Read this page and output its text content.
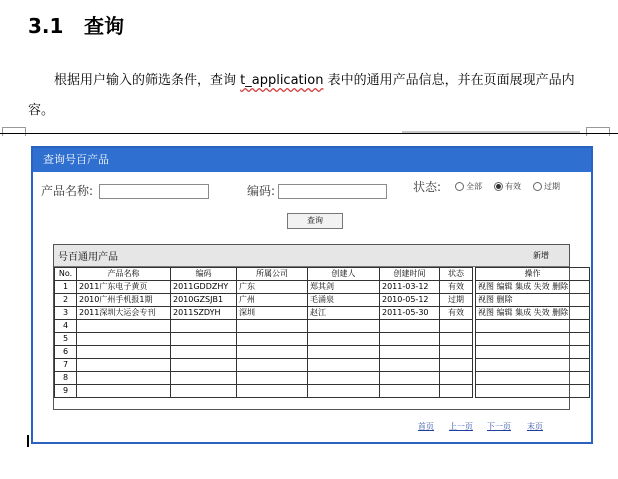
3.1 查询
根据用户输入的筛选条件，查询 t_application 表中的通用产品信息，并在页面展现产品内容。
查询号百产品
产品名称:	编码:	状态:	全部	有效	过期
查询
号百通用产品	新增
No.	产品名称	编码	所属公司	创建人	创建时间	状态		操作
1	2011广东电子黄页	2011GDDZHY	广东	郑其剑	2011-03-12	有效		视图 编辑 集成 失效 删除
2	2010广州手机报1期	2010GZSJB1	广州	毛涌泉	2010-05-12	过期		视图 删除
3	2011深圳大运会专刊	2011SZDYH	深圳	赵江	2011-05-30	有效		视图 编辑 集成 失效 删除
4								
5								
6								
7								
8								
9								
首页 上一页 下一页 末页
